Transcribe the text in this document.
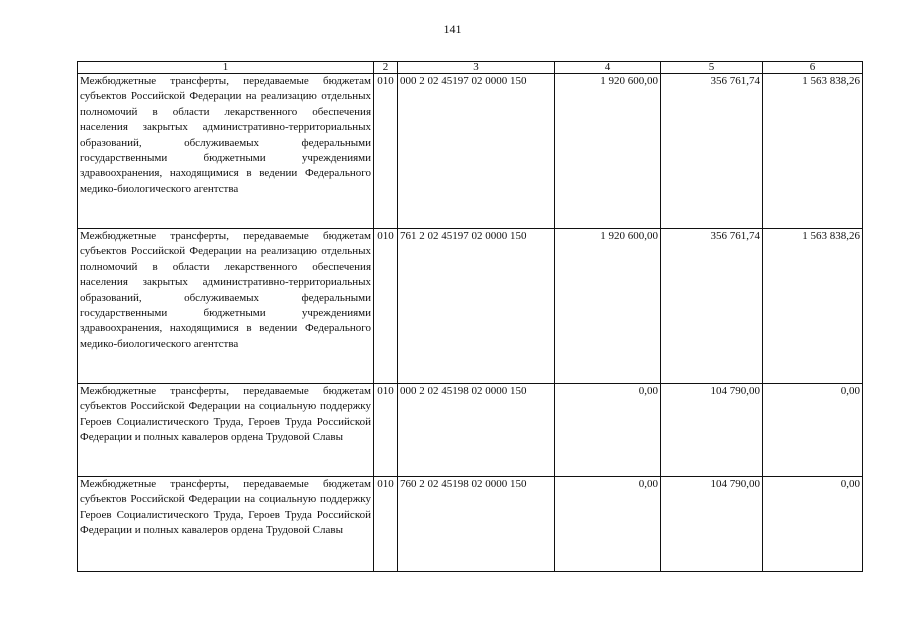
141
1	2	3	4	5	6
Межбюджетные трансферты, передаваемые бюджетам субъектов Российской Федерации на реализацию отдельных полномочий в области лекарственного обеспечения населения закрытых административно-территориальных образований, обслуживаемых федеральными государственными бюджетными учреждениями здравоохранения, находящимися в ведении Федерального медико-биологического агентства	010	000 2 02 45197 02 0000 150	1 920 600,00	356 761,74	1 563 838,26
Межбюджетные трансферты, передаваемые бюджетам субъектов Российской Федерации на реализацию отдельных полномочий в области лекарственного обеспечения населения закрытых административно-территориальных образований, обслуживаемых федеральными государственными бюджетными учреждениями здравоохранения, находящимися в ведении Федерального медико-биологического агентства	010	761 2 02 45197 02 0000 150	1 920 600,00	356 761,74	1 563 838,26
Межбюджетные трансферты, передаваемые бюджетам субъектов Российской Федерации на социальную поддержку Героев Социалистического Труда, Героев Труда Российской Федерации и полных кавалеров ордена Трудовой Славы	010	000 2 02 45198 02 0000 150	0,00	104 790,00	0,00
Межбюджетные трансферты, передаваемые бюджетам субъектов Российской Федерации на социальную поддержку Героев Социалистического Труда, Героев Труда Российской Федерации и полных кавалеров ордена Трудовой Славы	010	760 2 02 45198 02 0000 150	0,00	104 790,00	0,00
